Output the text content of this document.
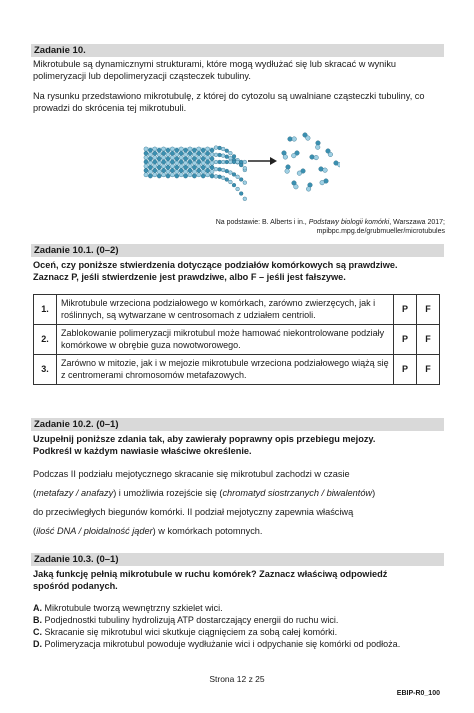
Zadanie 10.
Mikrotubule są dynamicznymi strukturami, które mogą wydłużać się lub skracać w wyniku polimeryzacji lub depolimeryzacji cząsteczek tubuliny.
Na rysunku przedstawiono mikrotubulę, z której do cytozolu są uwalniane cząsteczki tubuliny, co prowadzi do skrócenia tej mikrotubuli.
Na podstawie: B. Alberts i in., Podstawy biologii komórki, Warszawa 2017;
mpibpc.mpg.de/grubmueller/microtubules
Zadanie 10.1. (0–2)
Oceń, czy poniższe stwierdzenia dotyczące podziałów komórkowych są prawdziwe.
Zaznacz P, jeśli stwierdzenie jest prawdziwe, albo F – jeśli jest fałszywe.
1.	Mikrotubule wrzeciona podziałowego w komórkach, zarówno zwierzęcych, jak i roślinnych, są wytwarzane w centrosomach z udziałem centrioli.	P	F
2.	Zablokowanie polimeryzacji mikrotubul może hamować niekontrolowane podziały komórkowe w obrębie guza nowotworowego.	P	F
3.	Zarówno w mitozie, jak i w mejozie mikrotubule wrzeciona podziałowego wiążą się z centromerami chromosomów metafazowych.	P	F
Zadanie 10.2. (0–1)
Uzupełnij poniższe zdania tak, aby zawierały poprawny opis przebiegu mejozy.
Podkreśl w każdym nawiasie właściwe określenie.
Podczas II podziału mejotycznego skracanie się mikrotubul zachodzi w czasie
(metafazy / anafazy) i umożliwia rozejście się (chromatyd siostrzanych / biwalentów)
do przeciwległych biegunów komórki. II podział mejotyczny zapewnia właściwą
(ilość DNA / ploidalność jąder) w komórkach potomnych.
Zadanie 10.3. (0–1)
Jaką funkcję pełnią mikrotubule w ruchu komórek? Zaznacz właściwą odpowiedź
spośród podanych.
A. Mikrotubule tworzą wewnętrzny szkielet wici.
B. Podjednostki tubuliny hydrolizują ATP dostarczający energii do ruchu wici.
C. Skracanie się mikrotubul wici skutkuje ciągnięciem za sobą całej komórki.
D. Polimeryzacja mikrotubul powoduje wydłużanie wici i odpychanie się komórki od podłoża.
Strona 12 z 25
EBIP-R0_100
